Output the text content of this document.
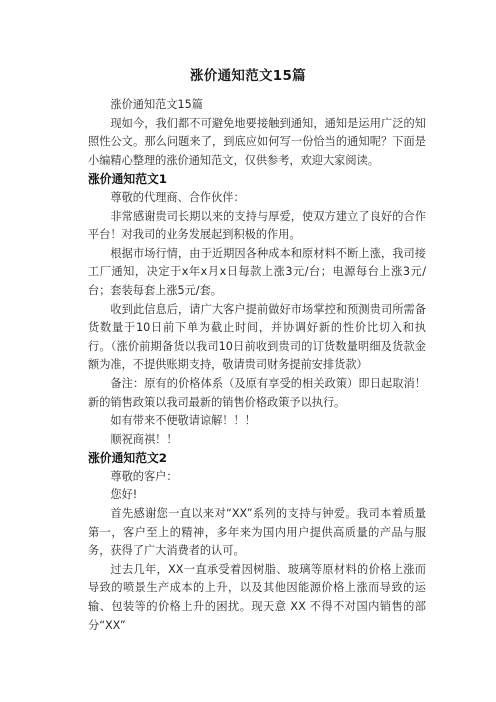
涨价通知范文15篇

涨价通知范文15篇

现如今，我们都不可避免地要接触到通知，通知是运用广泛的知照性公文。那么问题来了，到底应如何写一份恰当的通知呢？下面是小编精心整理的涨价通知范文，仅供参考，欢迎大家阅读。

涨价通知范文1

尊敬的代理商、合作伙伴：

非常感谢贵司长期以来的支持与厚爱，使双方建立了良好的合作平台！对我司的业务发展起到积极的作用。

根据市场行情，由于近期因各种成本和原材料不断上涨，我司接工厂通知，决定于x年x月x日每款上涨3元/台；电源每台上涨3元/台；套装每套上涨5元/套。

收到此信息后，请广大客户提前做好市场掌控和预测贵司所需备货数量于10日前下单为截止时间，并协调好新的性价比切入和执行。（涨价前期备货以我司10日前收到贵司的订货数量明细及货款金额为准，不提供账期支持，敬请贵司财务提前安排货款）

备注：原有的价格体系（及原有享受的相关政策）即日起取消！新的销售政策以我司最新的销售价格政策予以执行。

如有带来不便敬请谅解！！！

顺祝商祺！！

涨价通知范文2

尊敬的客户：

您好!

首先感谢您一直以来对“XX”系列的支持与钟爱。我司本着质量第一，客户至上的精神，多年来为国内用户提供高质量的产品与服务，获得了广大消费者的认可。

过去几年，XX一直承受着因树脂、玻璃等原材料的价格上涨而导致的喷景生产成本的上升，以及其他因能源价格上涨而导致的运输、包装等的价格上升的困扰。现天意 XX 不得不对国内销售的部分“XX”
